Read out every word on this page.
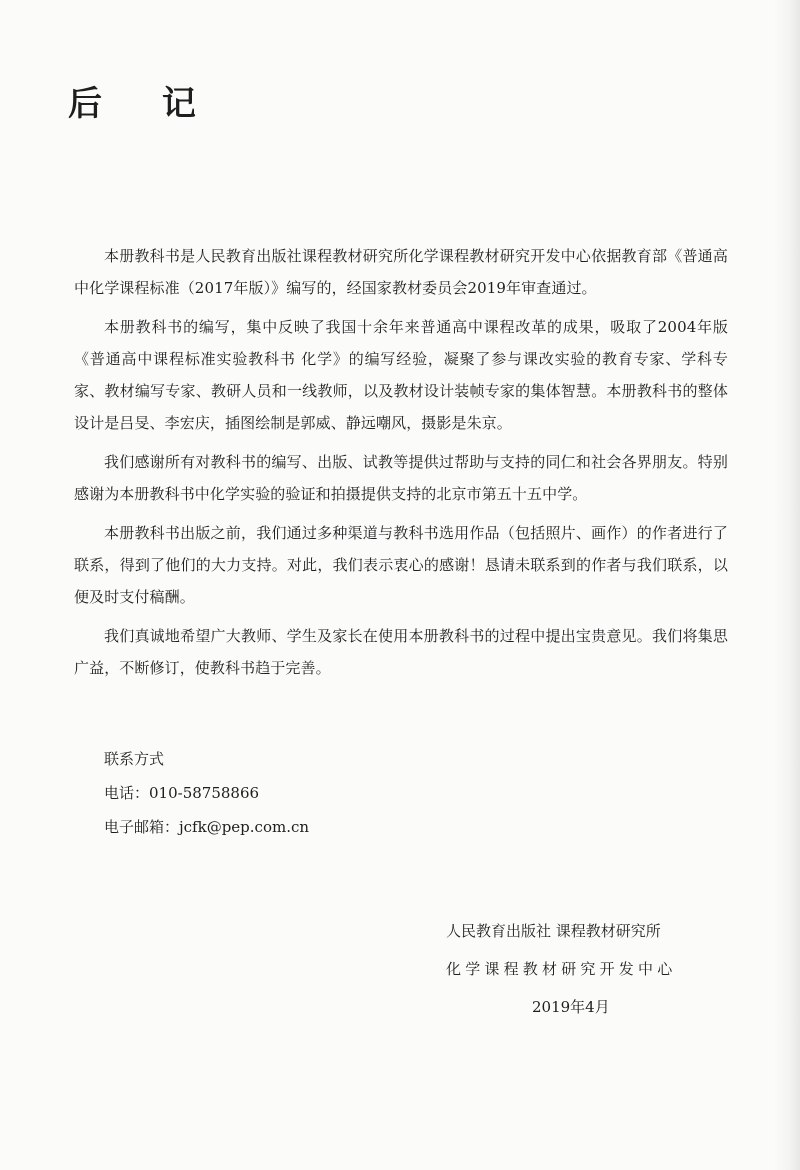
后 记

本册教科书是人民教育出版社课程教材研究所化学课程教材研究开发中心依据教育部《普通高中化学课程标准（2017年版）》编写的，经国家教材委员会2019年审查通过。

本册教科书的编写，集中反映了我国十余年来普通高中课程改革的成果，吸取了2004年版《普通高中课程标准实验教科书 化学》的编写经验，凝聚了参与课改实验的教育专家、学科专家、教材编写专家、教研人员和一线教师，以及教材设计装帧专家的集体智慧。本册教科书的整体设计是吕旻、李宏庆，插图绘制是郭威、静远嘲风，摄影是朱京。

我们感谢所有对教科书的编写、出版、试教等提供过帮助与支持的同仁和社会各界朋友。特别感谢为本册教科书中化学实验的验证和拍摄提供支持的北京市第五十五中学。

本册教科书出版之前，我们通过多种渠道与教科书选用作品（包括照片、画作）的作者进行了联系，得到了他们的大力支持。对此，我们表示衷心的感谢！恳请未联系到的作者与我们联系，以便及时支付稿酬。

我们真诚地希望广大教师、学生及家长在使用本册教科书的过程中提出宝贵意见。我们将集思广益，不断修订，使教科书趋于完善。

联系方式
电话：010-58758866
电子邮箱：jcfk@pep.com.cn
人民教育出版社 课程教材研究所
化学课程教材研究开发中心
2019年4月
